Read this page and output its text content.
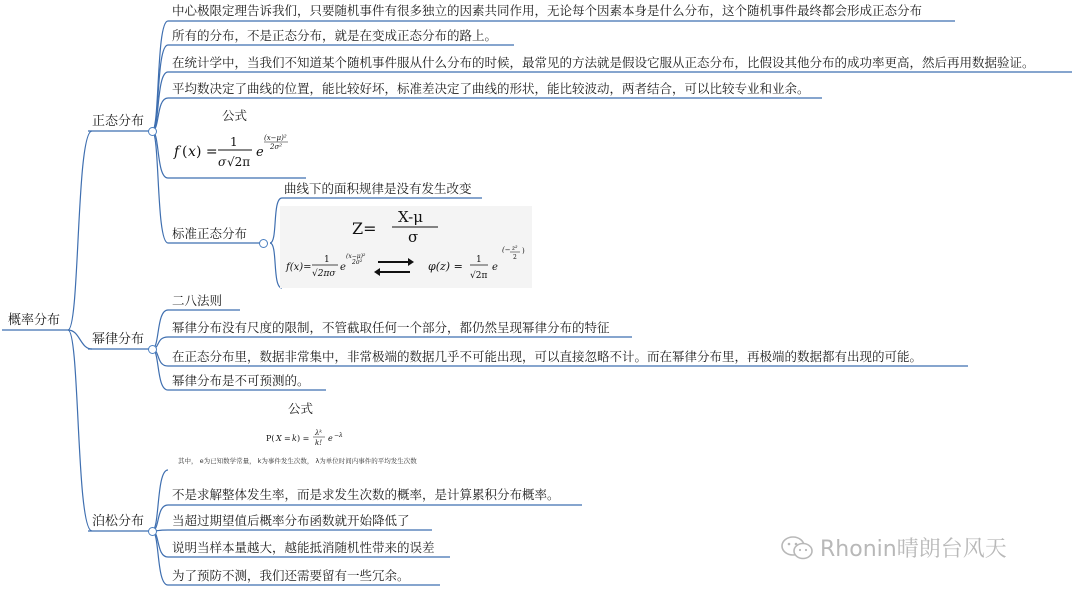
概率分布
正态分布
中心极限定理告诉我们，只要随机事件有很多独立的因素共同作用，无论每个因素本身是什么分布，这个随机事件最终都会形成正态分布
所有的分布，不是正态分布，就是在变成正态分布的路上。
在统计学中，当我们不知道某个随机事件服从什么分布的时候，最常见的方法就是假设它服从正态分布，比假设其他分布的成功率更高，然后再用数据验证。
平均数决定了曲线的位置，能比较好坏，标准差决定了曲线的形状，能比较波动，两者结合，可以比较专业和业余。
公式
f ( x ) =
1
σ √2π
e
(x−μ)²
2σ²
标准正态分布
曲线下的面积规律是没有发生改变
Z=
X-μ
σ
f(x)=
1
√2πσ
e
(x−μ)²
2σ²	φ(z) = 1
√2π
e
(− z²
2
)
幂律分布
二八法则
幂律分布没有尺度的限制，不管截取任何一个部分，都仍然呈现幂律分布的特征
在正态分布里，数据非常集中，非常极端的数据几乎不可能出现，可以直接忽略不计。而在幂律分布里，再极端的数据都有出现的可能。
幂律分布是不可预测的。
泊松分布
公式
P( X = k ) =
λᵏ
k! e −λ
其中， e为已知数学常量， k为事件发生次数， λ为单位时间内事件的平均发生次数
不是求解整体发生率，而是求发生次数的概率，是计算累积分布概率。
当超过期望值后概率分布函数就开始降低了
说明当样本量越大，越能抵消随机性带来的误差
为了预防不测，我们还需要留有一些冗余。
Rhonin晴朗台风天
